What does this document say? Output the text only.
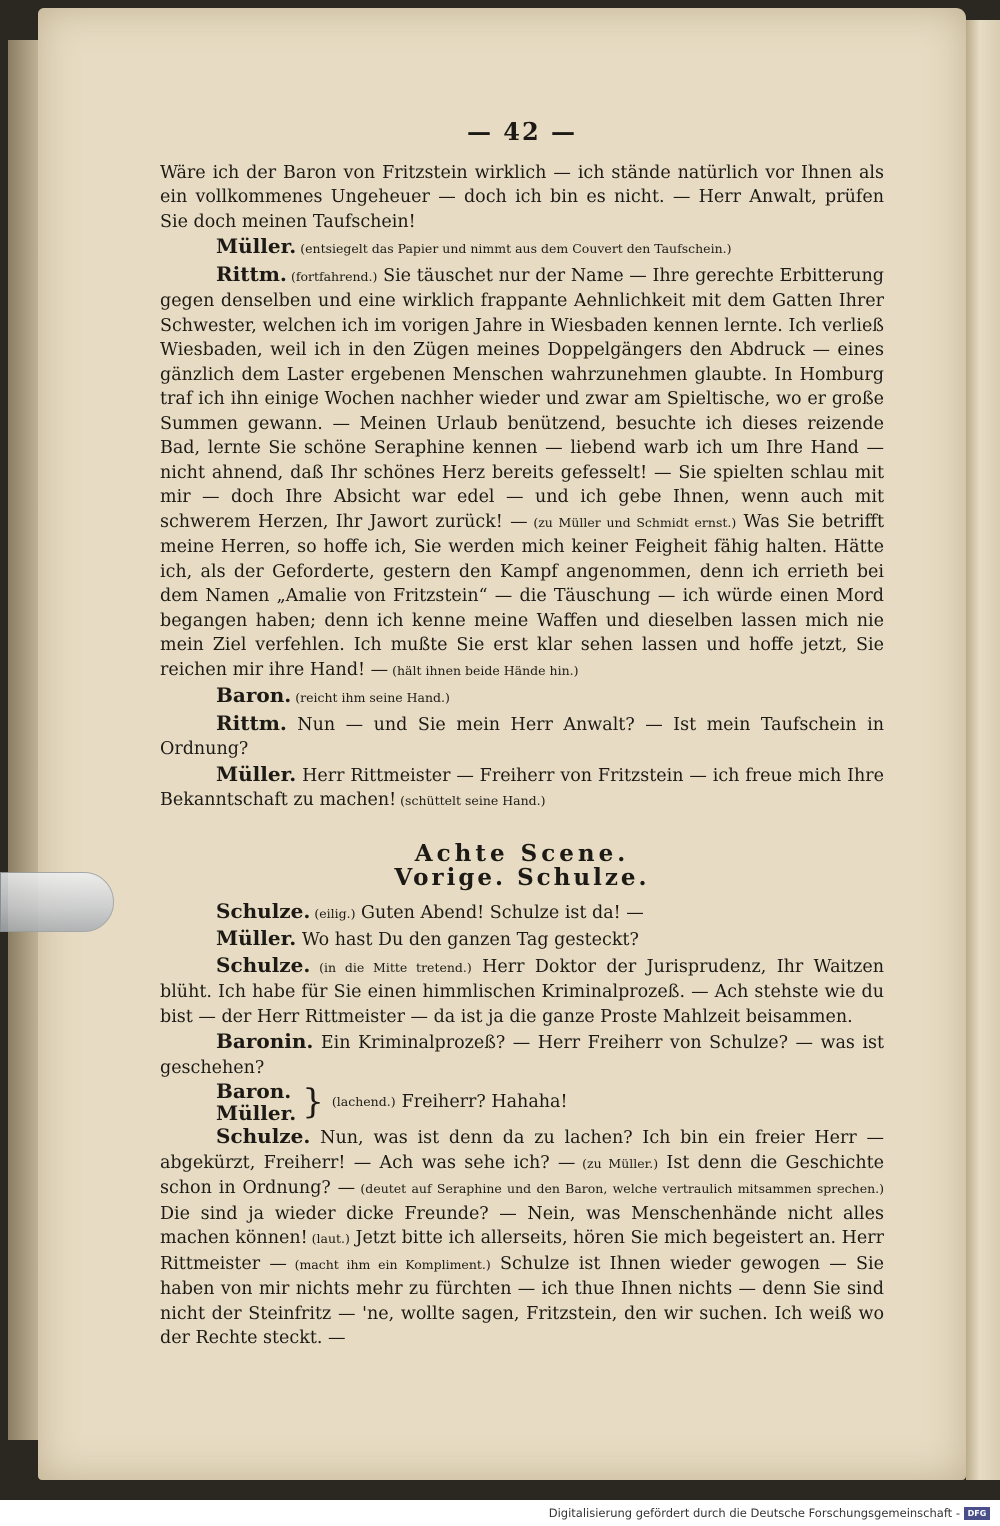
— 42 —
Wäre ich der Baron von Fritzstein wirklich — ich stände natürlich vor Ihnen als ein vollkommenes Ungeheuer — doch ich bin es nicht. — Herr Anwalt, prüfen Sie doch meinen Taufschein!
Müller. (entsiegelt das Papier und nimmt aus dem Couvert den Taufschein.)
Rittm. (fortfahrend.) Sie täuschet nur der Name — Ihre gerechte Erbitterung gegen denselben und eine wirklich frappante Aehnlichkeit mit dem Gatten Ihrer Schwester, welchen ich im vorigen Jahre in Wiesbaden kennen lernte. Ich verließ Wiesbaden, weil ich in den Zügen meines Doppelgängers den Abdruck — eines gänzlich dem Laster ergebenen Menschen wahrzunehmen glaubte. In Homburg traf ich ihn einige Wochen nachher wieder und zwar am Spieltische, wo er große Summen gewann. — Meinen Urlaub benützend, besuchte ich dieses reizende Bad, lernte Sie schöne Seraphine kennen — liebend warb ich um Ihre Hand — nicht ahnend, daß Ihr schönes Herz bereits gefesselt! — Sie spielten schlau mit mir — doch Ihre Absicht war edel — und ich gebe Ihnen, wenn auch mit schwerem Herzen, Ihr Jawort zurück! — (zu Müller und Schmidt ernst.) Was Sie betrifft meine Herren, so hoffe ich, Sie werden mich keiner Feigheit fähig halten. Hätte ich, als der Geforderte, gestern den Kampf angenommen, denn ich errieth bei dem Namen „Amalie von Fritzstein“ — die Täuschung — ich würde einen Mord begangen haben; denn ich kenne meine Waffen und dieselben lassen mich nie mein Ziel verfehlen. Ich mußte Sie erst klar sehen lassen und hoffe jetzt, Sie reichen mir ihre Hand! — (hält ihnen beide Hände hin.)
Baron. (reicht ihm seine Hand.)
Rittm. Nun — und Sie mein Herr Anwalt? — Ist mein Taufschein in Ordnung?
Müller. Herr Rittmeister — Freiherr von Fritzstein — ich freue mich Ihre Bekanntschaft zu machen! (schüttelt seine Hand.)
Achte Scene.
Vorige. Schulze.
Schulze. (eilig.) Guten Abend! Schulze ist da! —
Müller. Wo hast Du den ganzen Tag gesteckt?
Schulze. (in die Mitte tretend.) Herr Doktor der Jurisprudenz, Ihr Waitzen blüht. Ich habe für Sie einen himmlischen Kriminalprozeß. — Ach stehste wie du bist — der Herr Rittmeister — da ist ja die ganze Proste Mahlzeit beisammen.
Baronin. Ein Kriminalprozeß? — Herr Freiherr von Schulze? — was ist geschehen?
Baron.
Müller. } (lachend.) Freiherr? Hahaha!
Schulze. Nun, was ist denn da zu lachen? Ich bin ein freier Herr — abgekürzt, Freiherr! — Ach was sehe ich? — (zu Müller.) Ist denn die Geschichte schon in Ordnung? — (deutet auf Seraphine und den Baron, welche vertraulich mitsammen sprechen.) Die sind ja wieder dicke Freunde? — Nein, was Menschenhände nicht alles machen können! (laut.) Jetzt bitte ich allerseits, hören Sie mich begeistert an. Herr Rittmeister — (macht ihm ein Kompliment.) Schulze ist Ihnen wieder gewogen — Sie haben von mir nichts mehr zu fürchten — ich thue Ihnen nichts — denn Sie sind nicht der Steinfritz — 'ne, wollte sagen, Fritzstein, den wir suchen. Ich weiß wo der Rechte steckt. —
Digitalisierung gefördert durch die Deutsche Forschungsgemeinschaft - DFG
